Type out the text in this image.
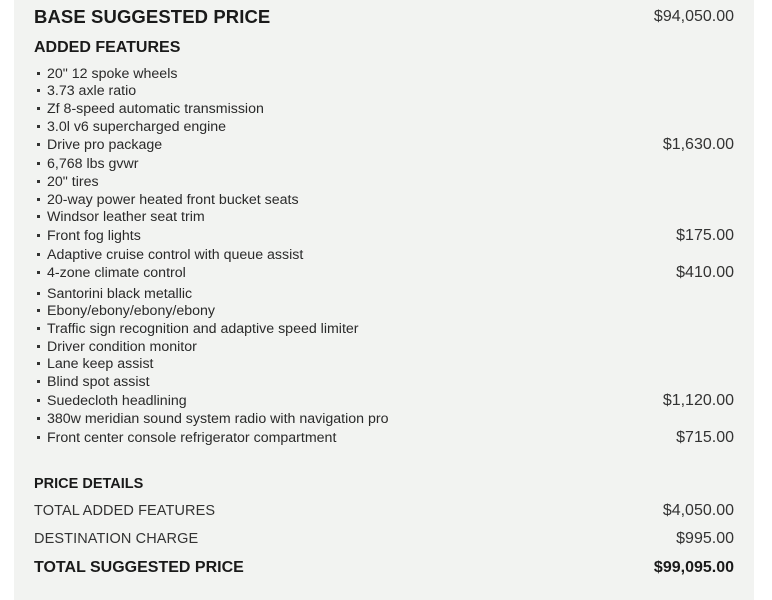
BASE SUGGESTED PRICE	$94,050.00
ADDED FEATURES
20" 12 spoke wheels
3.73 axle ratio
Zf 8-speed automatic transmission
3.0l v6 supercharged engine
Drive pro package	$1,630.00
6,768 lbs gvwr
20" tires
20-way power heated front bucket seats
Windsor leather seat trim
Front fog lights	$175.00
Adaptive cruise control with queue assist
4-zone climate control	$410.00
Santorini black metallic
Ebony/ebony/ebony/ebony
Traffic sign recognition and adaptive speed limiter
Driver condition monitor
Lane keep assist
Blind spot assist
Suedecloth headlining	$1,120.00
380w meridian sound system radio with navigation pro
Front center console refrigerator compartment	$715.00
PRICE DETAILS
TOTAL ADDED FEATURES	$4,050.00
DESTINATION CHARGE	$995.00
TOTAL SUGGESTED PRICE	$99,095.00
